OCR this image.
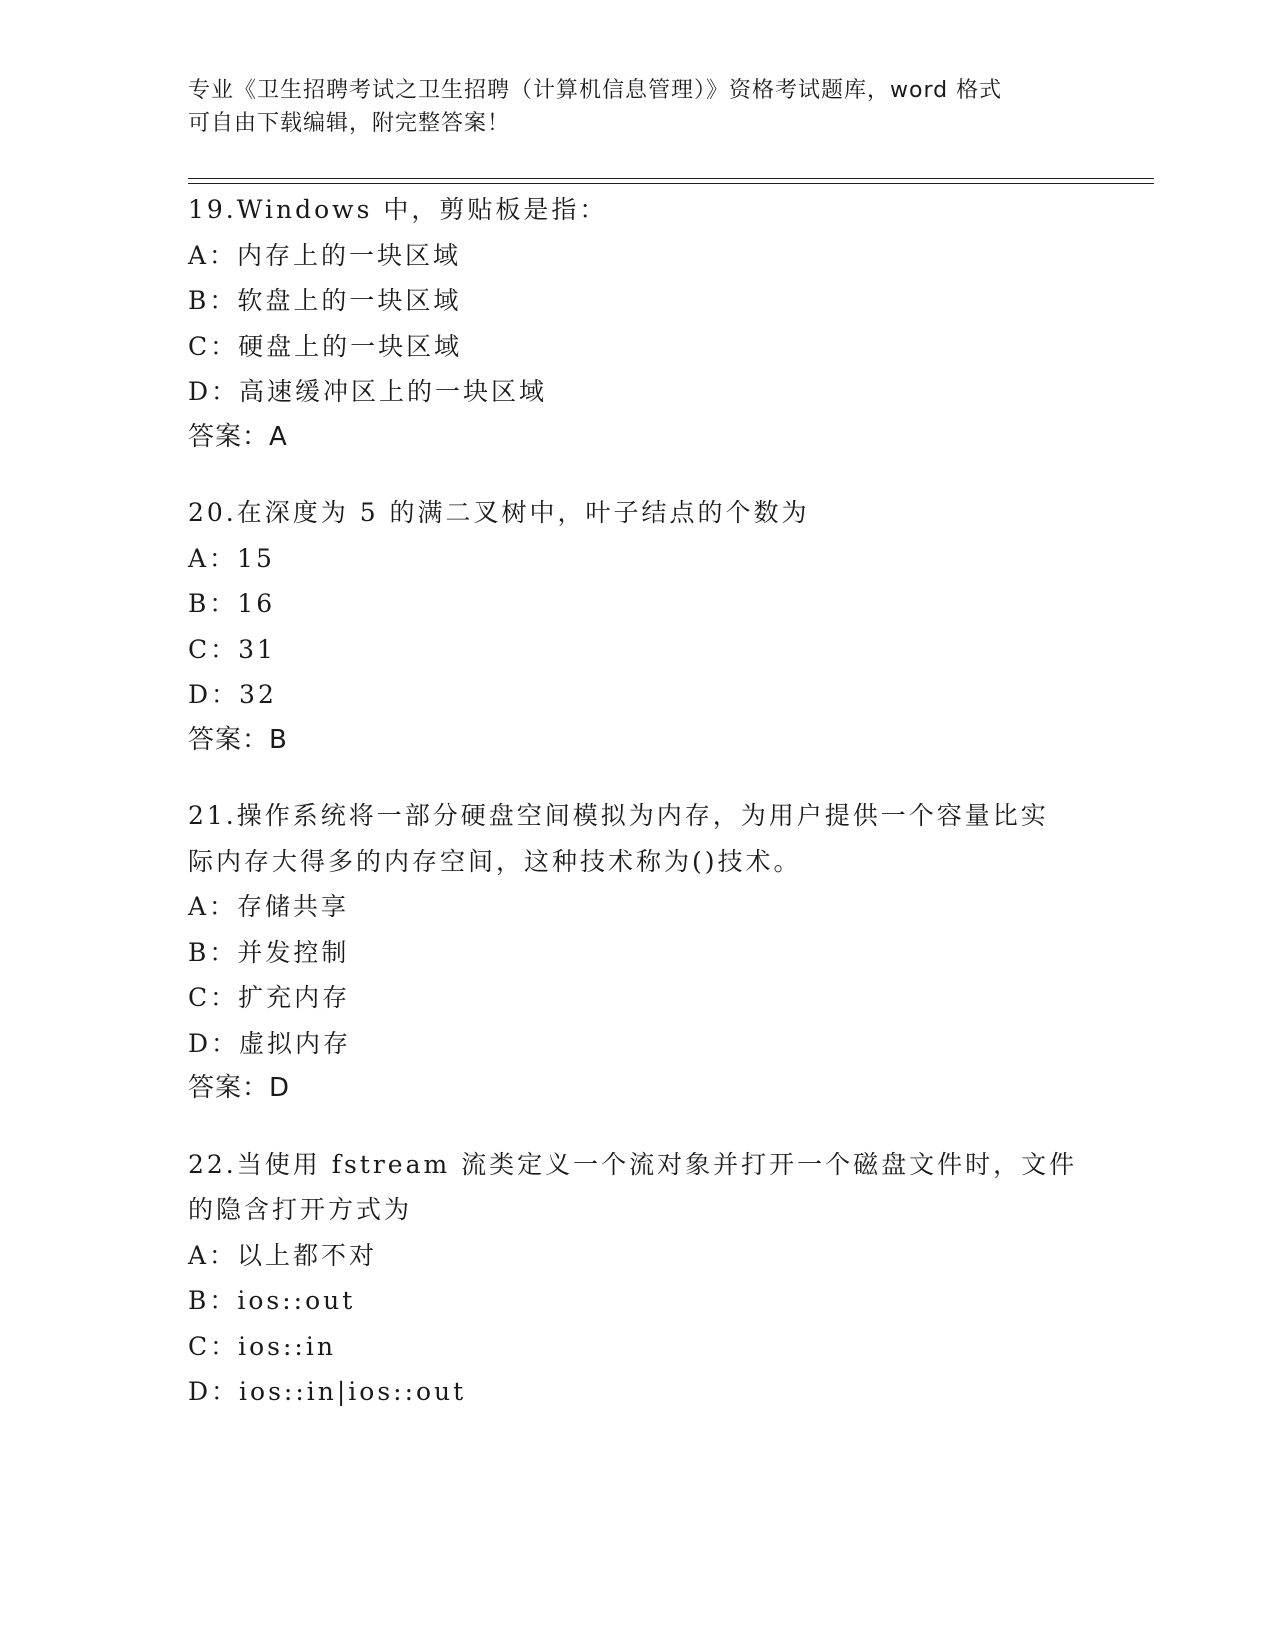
专业《卫生招聘考试之卫生招聘（计算机信息管理）》资格考试题库，word 格式
可自由下载编辑，附完整答案！
19.Windows 中，剪贴板是指：
A：内存上的一块区域
B：软盘上的一块区域
C：硬盘上的一块区域
D：高速缓冲区上的一块区域
答案：A
20.在深度为 5 的满二叉树中，叶子结点的个数为
A：15
B：16
C：31
D：32
答案：B
21.操作系统将一部分硬盘空间模拟为内存，为用户提供一个容量比实
际内存大得多的内存空间，这种技术称为()技术。
A：存储共享
B：并发控制
C：扩充内存
D：虚拟内存
答案：D
22.当使用 fstream 流类定义一个流对象并打开一个磁盘文件时，文件
的隐含打开方式为
A：以上都不对
B：ios::out
C：ios::in
D：ios::in|ios::out
